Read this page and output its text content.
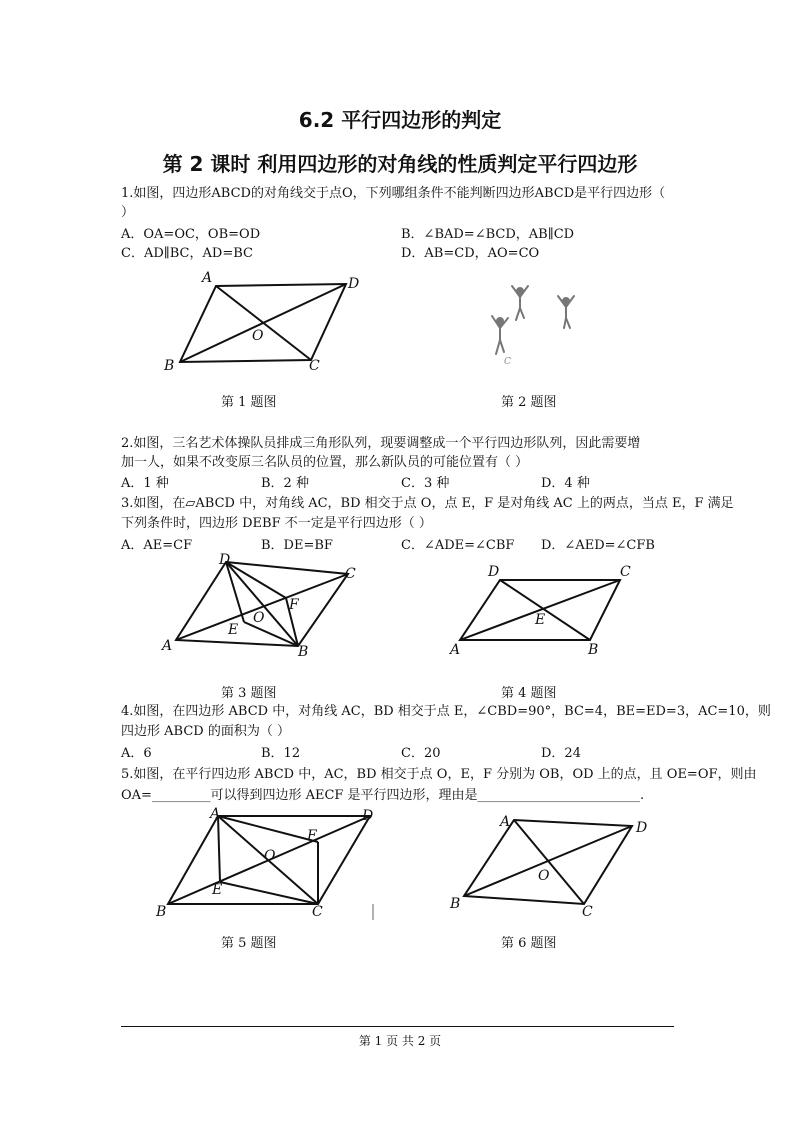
6.2 平行四边形的判定
第 2 课时 利用四边形的对角线的性质判定平行四边形
1.如图，四边形ABCD的对角线交于点O，下列哪组条件不能判断四边形ABCD是平行四边形（
）
A．OA=OC，OB=OD	B．∠BAD=∠BCD，AB∥CD
C．AD∥BC，AD=BC	D．AB=CD，AO=CO
A	D
O
B	C	C
第 1 题图	第 2 题图
2.如图，三名艺术体操队员排成三角形队列，现要调整成一个平行四边形队列，因此需要增
加一人，如果不改变原三名队员的位置，那么新队员的可能位置有（ ）
A．1 种	B．2 种	C．3 种	D．4 种
3.如图，在▱ABCD 中，对角线 AC，BD 相交于点 O，点 E，F 是对角线 AC 上的两点，当点 E，F 满足
下列条件时，四边形 DEBF 不一定是平行四边形（ ）
A．AE=CF	B．DE=BF	C．∠ADE=∠CBF D．∠AED=∠CFB
D
C
F
O
E
A	B
D	C
E
A	B
第 3 题图	第 4 题图
4.如图，在四边形 ABCD 中，对角线 AC，BD 相交于点 E，∠CBD=90°，BC=4，BE=ED=3，AC=10，则
四边形 ABCD 的面积为（ ）
A．6	B．12	C．20	D．24
5.如图，在平行四边形 ABCD 中，AC，BD 相交于点 O，E，F 分别为 OB，OD 上的点，且 OE=OF，则由
OA=_________可以得到四边形 AECF 是平行四边形，理由是_________________________.
A	D
F
O
E
B	C
A	D
O
B	C
第 5 题图	第 6 题图
第 1 页 共 2 页
